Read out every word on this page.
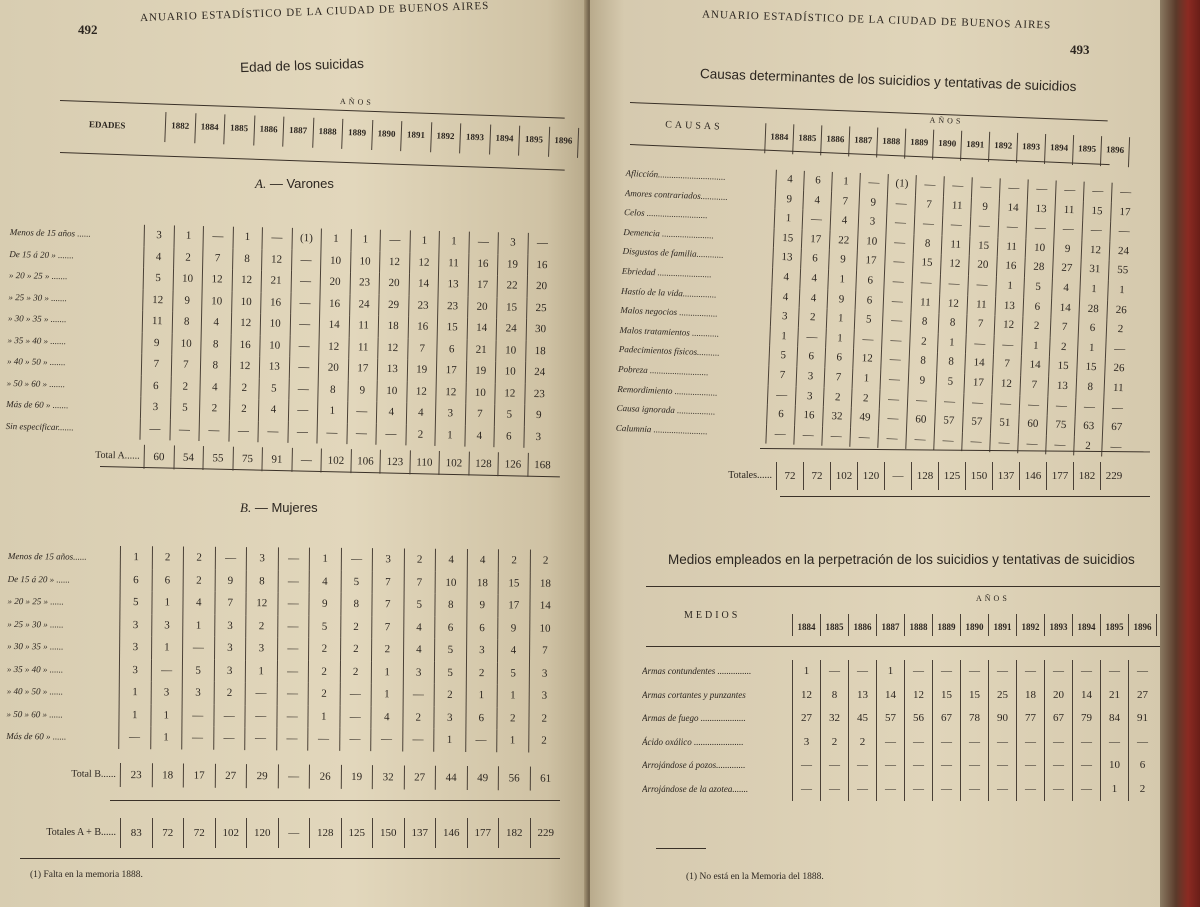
492
ANUARIO ESTADÍSTICO DE LA CIUDAD DE BUENOS AIRES
Edad de los suicidas
EDADES
AÑOS
1882	1884	1885	1886	1887	1888	1889	1890	1891	1892	1893	1894	1895	1896
A. — Varones
Menos de 15 años ......	3	1	—	1	—	(1)	1	1	—	1	1	—	3	—
De 15 á 20 » .......	4	2	7	8	12	—	10	10	12	12	11	16	19	16
» 20 » 25 » .......	5	10	12	12	21	—	20	23	20	14	13	17	22	20
» 25 » 30 » .......	12	9	10	10	16	—	16	24	29	23	23	20	15	25
» 30 » 35 » .......	11	8	4	12	10	—	14	11	18	16	15	14	24	30
» 35 » 40 » .......	9	10	8	16	10	—	12	11	12	7	6	21	10	18
» 40 » 50 » .......	7	7	8	12	13	—	20	17	13	19	17	19	10	24
» 50 » 60 » .......	6	2	4	2	5	—	8	9	10	12	12	10	12	23
Más de 60 » .......	3	5	2	2	4	—	1	—	4	4	3	7	5	9
Sin especificar.......	—	—	—	—	—	—	—	—	—	2	1	4	6	3
Total A......	60	54	55	75	91	—	102	106	123	110	102	128	126	168
B. — Mujeres
Menos de 15 años......	1	2	2	—	3	—	1	—	3	2	4	4	2	2
De 15 á 20 » ......	6	6	2	9	8	—	4	5	7	7	10	18	15	18
» 20 » 25 » ......	5	1	4	7	12	—	9	8	7	5	8	9	17	14
» 25 » 30 » ......	3	3	1	3	2	—	5	2	7	4	6	6	9	10
» 30 » 35 » ......	3	1	—	3	3	—	2	2	2	4	5	3	4	7
» 35 » 40 » ......	3	—	5	3	1	—	2	2	1	3	5	2	5	3
» 40 » 50 » ......	1	3	3	2	—	—	2	—	1	—	2	1	1	3
» 50 » 60 » ......	1	1	—	—	—	—	1	—	4	2	3	6	2	2
Más de 60 » ......	—	1	—	—	—	—	—	—	—	—	1	—	1	2
Total B......	23	18	17	27	29	—	26	19	32	27	44	49	56	61
Totales A + B......	83	72	72	102	120	—	128	125	150	137	146	177	182	229
(1) Falta en la memoria 1888.
ANUARIO ESTADÍSTICO DE LA CIUDAD DE BUENOS AIRES
493
Causas determinantes de los suicidios y tentativas de suicidios
CAUSAS	AÑOS
1884	1885	1886	1887	1888	1889	1890	1891	1892	1893	1894	1895	1896
Aflicción..............................	4	6	1	—	(1)	—	—	—	—	—	—	—	—
Amores contrariados............	9	4	7	9	—	7	11	9	14	13	11	15	17
Celos ...........................	1	—	4	3	—	—	—	—	—	—	—	—	—
Demencia .......................	15	17	22	10	—	8	11	15	11	10	9	12	24
Disgustos de familia............	13	6	9	17	—	15	12	20	16	28	27	31	55
Ebriedad ........................	4	4	1	6	—	—	—	—	1	5	4	1	1
Hastío de la vida...............	4	4	9	6	—	11	12	11	13	6	14	28	26
Malos negocios .................	3	2	1	5	—	8	8	7	12	2	7	6	2
Malos tratamientos ............	1	—	1	—	—	2	1	—	—	1	2	1	—
Padecimientos físicos..........	5	6	6	12	—	8	8	14	7	14	15	15	26
Pobreza ..........................	7	3	7	1	—	9	5	17	12	7	13	8	11
Remordimiento ...................	—	3	2	2	—	—	—	—	—	—	—	—	—
Causa ignorada .................	6	16	32	49	—	60	57	57	51	60	75	63	67
Calumnia ........................	—	—	—	—	—	—	—	—	—	—	—	2	—
Totales......	72	72	102 120	—	128 125 150 137 146 177 182 229
Medios empleados en la perpetración de los suicidios y tentativas de suicidios
MEDIOS
AÑOS
1884	1885	1886	1887	1888	1889	1890	1891	1892	1893	1894	1895	1896
Armas contundentes ...............	1	—	—	1	—	—	—	—	—	—	—	—	—
Armas cortantes y punzantes	12	8	13	14	12	15	15	25	18	20	14	21	27
Armas de fuego ....................	27	32	45	57	56	67	78	90	77	67	79	84	91
Ácido oxálico ......................	3	2	2	—	—	—	—	—	—	—	—	—	—
Arrojándose á pozos.............	—	—	—	—	—	—	—	—	—	—	—	10	6
Arrojándose de la azotea.......	—	—	—	—	—	—	—	—	—	—	—	1	2
(1) No está en la Memoria del 1888.
